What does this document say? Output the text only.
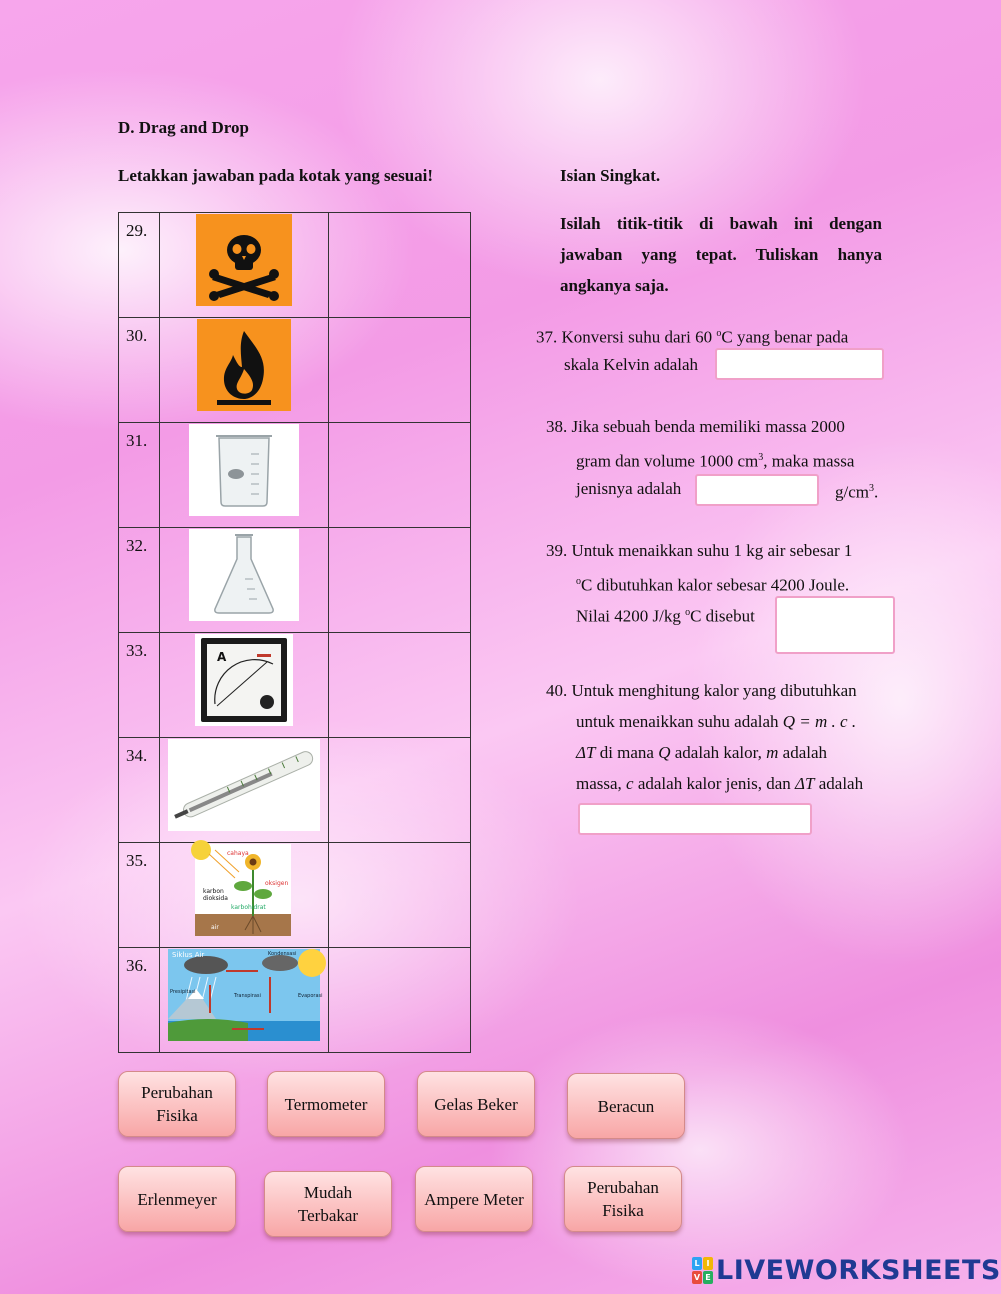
D. Drag and Drop
Letakkan jawaban pada kotak yang sesuai!
29.	

30.	

31.	

32.	

33.	A	

34.	

35.	cahaya
karbon dioksida
oksigen
karbohidrat
air	

36.	Siklus Air Kondensasi
Presipitasi
Evaporasi
Transpirasi	

Isian Singkat.
Isilah titik-titik di bawah ini dengan jawaban yang tepat. Tuliskan hanya angkanya saja.
37. Konversi suhu dari 60 $^o$C yang benar pada
skala Kelvin adalah
38. Jika sebuah benda memiliki massa 2000
gram dan volume 1000 $cm^3$, maka massa
jenisnya adalah	$g/cm^3$.
39. Untuk menaikkan suhu 1 kg air sebesar 1
$^o$C dibutuhkan kalor sebesar 4200 Joule.
Nilai 4200 J/kg $^o$C disebut
40. Untuk menghitung kalor yang dibutuhkan
untuk menaikkan suhu adalah Q = m . c .
ΔT di mana Q adalah kalor, m adalah
massa, c adalah kalor jenis, dan ΔT adalah
Perubahan Fisika
Termometer	Gelas Beker	Beracun
Erlenmeyer	Mudah Terbakar
Ampere Meter
Perubahan Fisika
L I
V E LIVEWORKSHEETS
